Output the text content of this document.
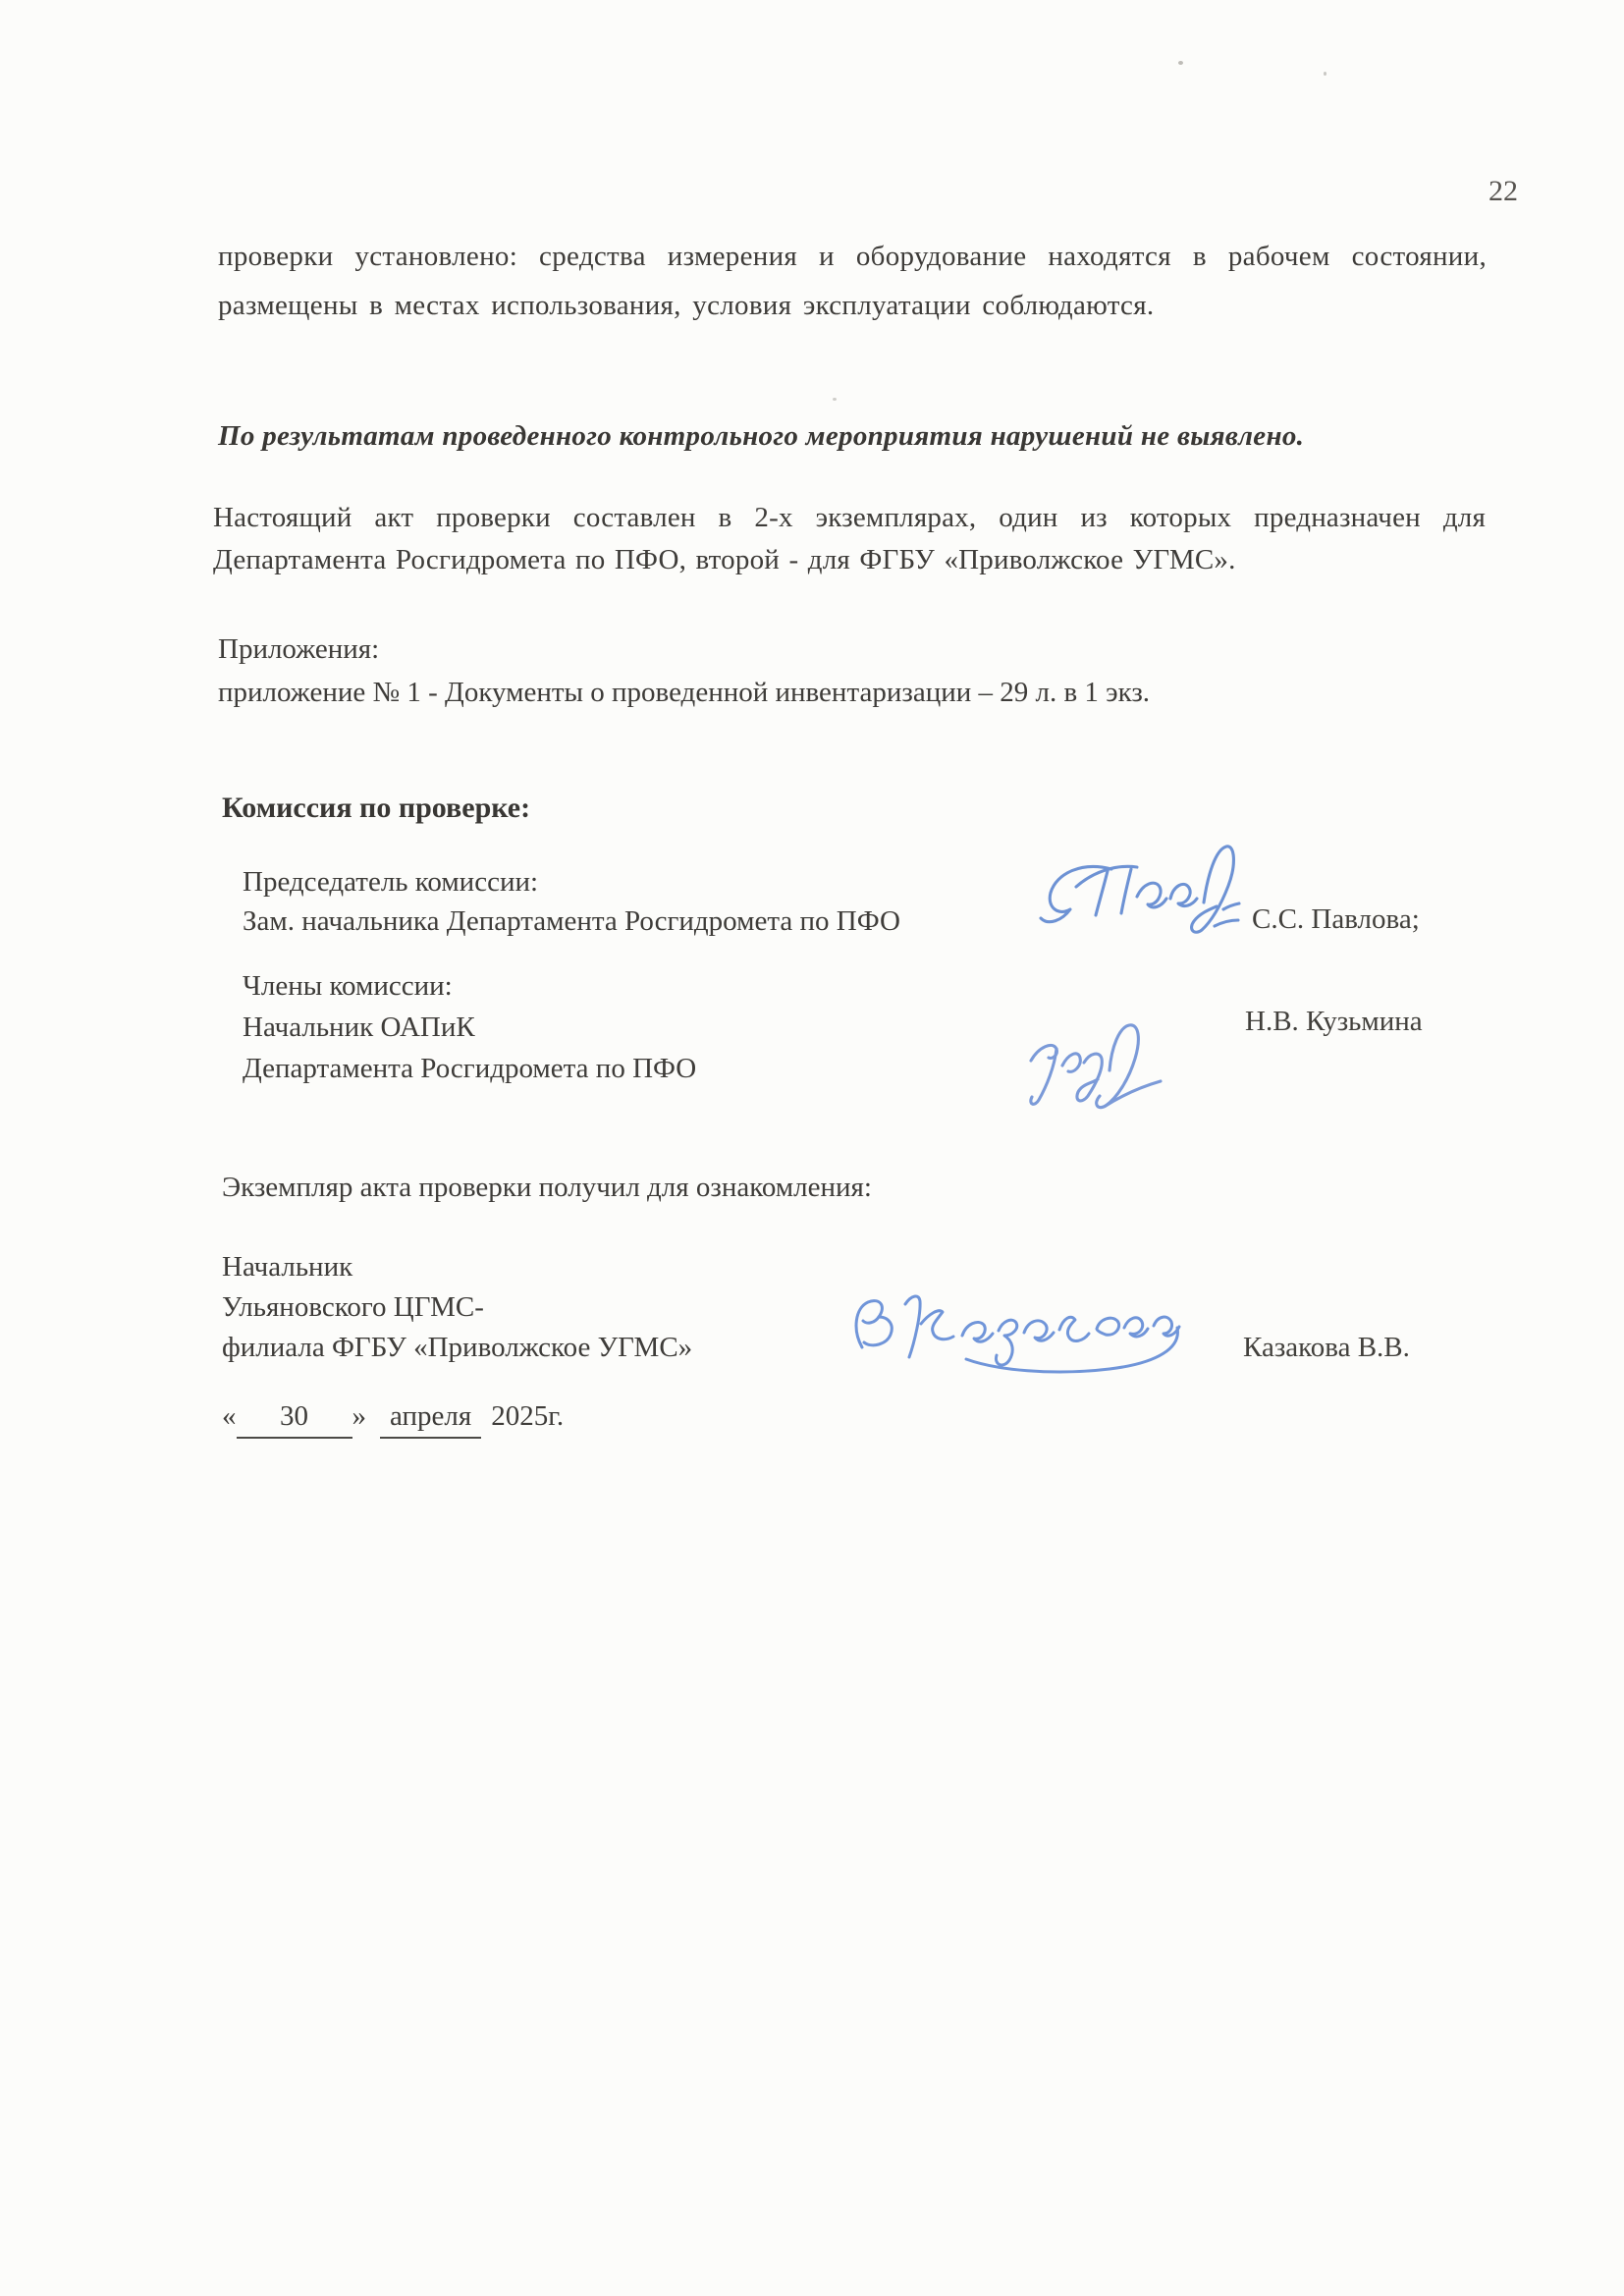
22

проверки установлено: средства измерения и оборудование находятся в рабочем состоянии, размещены в местах использования, условия эксплуатации соблюдаются.

По результатам проведенного контрольного мероприятия нарушений не выявлено.

Настоящий акт проверки составлен в 2-х экземплярах, один из которых предназначен для Департамента Росгидромета по ПФО, второй - для ФГБУ «Приволжское УГМС».

Приложения:
приложение № 1 - Документы о проведенной инвентаризации – 29 л. в 1 экз.
Комиссия по проверке:
Председатель комиссии:
Зам. начальника Департамента Росгидромета по ПФО	С.С. Павлова;
Члены комиссии:
Начальник ОАПиК
Департамента Росгидромета по ПФО
Н.В. Кузьмина
Экземпляр акта проверки получил для ознакомления:
Начальник
Ульяновского ЦГМС-
филиала ФГБУ «Приволжское УГМС»	Казакова В.В.
« 30 » апреля 2025г.
